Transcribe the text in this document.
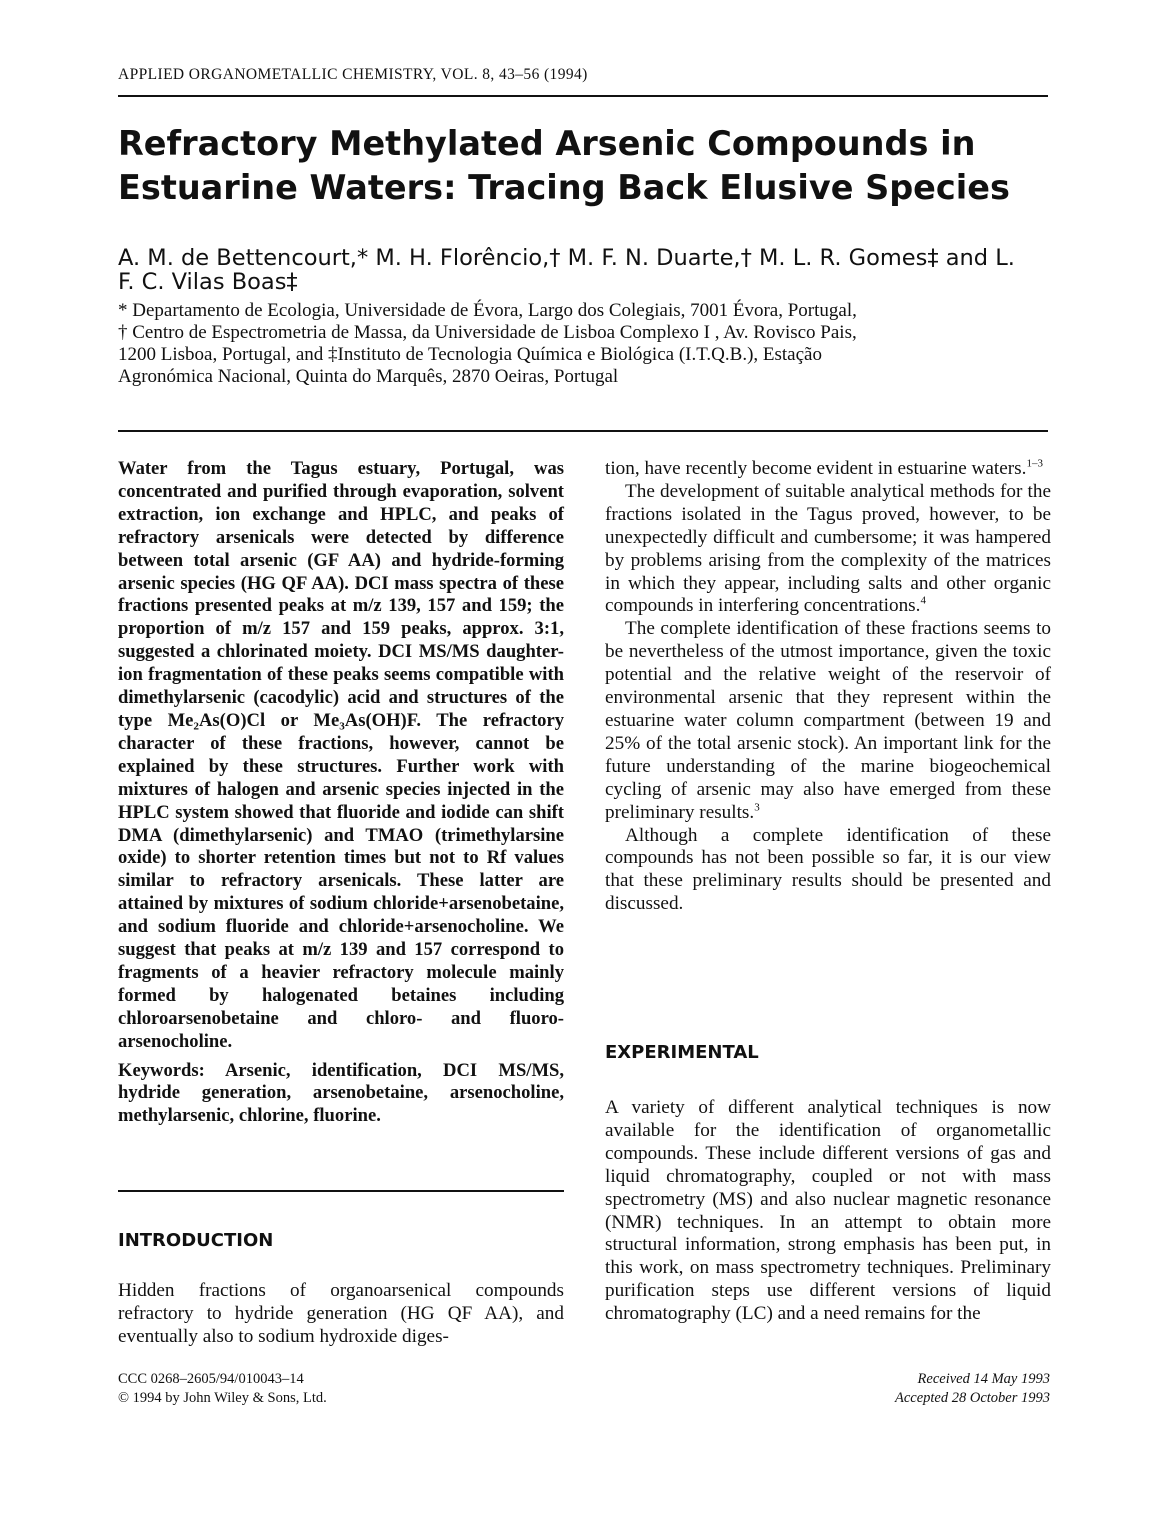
APPLIED ORGANOMETALLIC CHEMISTRY, VOL. 8, 43–56 (1994)
Refractory Methylated Arsenic Compounds in Estuarine Waters: Tracing Back Elusive Species
A. M. de Bettencourt,* M. H. Florêncio,† M. F. N. Duarte,† M. L. R. Gomes‡ and L. F. C. Vilas Boas‡
* Departamento de Ecologia, Universidade de Évora, Largo dos Colegiais, 7001 Évora, Portugal,
† Centro de Espectrometria de Massa, da Universidade de Lisboa Complexo I , Av. Rovisco Pais,
1200 Lisboa, Portugal, and ‡Instituto de Tecnologia Química e Biológica (I.T.Q.B.), Estação
Agronómica Nacional, Quinta do Marquês, 2870 Oeiras, Portugal

Water from the Tagus estuary, Portugal, was concentrated and purified through evaporation, solvent extraction, ion exchange and HPLC, and peaks of refractory arsenicals were detected by difference between total arsenic (GF AA) and hydride-forming arsenic species (HG QF AA). DCI mass spectra of these fractions presented peaks at m/z 139, 157 and 159; the proportion of m/z 157 and 159 peaks, approx. 3:1, suggested a chlorinated moiety. DCI MS/MS daughter-ion fragmentation of these peaks seems compatible with dimethylarsenic (cacodylic) acid and structures of the type Me₂As(O)Cl or Me₃As(OH)F. The refractory character of these fractions, however, cannot be explained by these structures. Further work with mixtures of halogen and arsenic species injected in the HPLC system showed that fluoride and iodide can shift DMA (dimethylarsenic) and TMAO (trimethylarsine oxide) to shorter retention times but not to Rf values similar to refractory arsenicals. These latter are attained by mixtures of sodium chloride+arsenobetaine, and sodium fluoride and chloride+arsenocholine. We suggest that peaks at m/z 139 and 157 correspond to fragments of a heavier refractory molecule mainly formed by halogenated betaines including chloroarsenobetaine and chloro- and fluoro-arsenocholine.

Keywords: Arsenic, identification, DCI MS/MS, hydride generation, arsenobetaine, arsenocholine, methylarsenic, chlorine, fluorine.

INTRODUCTION

Hidden fractions of organoarsenical compounds refractory to hydride generation (HG QF AA), and eventually also to sodium hydroxide diges-

tion, have recently become evident in estuarine waters.$^{1-3}$

The development of suitable analytical methods for the fractions isolated in the Tagus proved, however, to be unexpectedly difficult and cumbersome; it was hampered by problems arising from the complexity of the matrices in which they appear, including salts and other organic compounds in interfering concentrations.$^4$

The complete identification of these fractions seems to be nevertheless of the utmost importance, given the toxic potential and the relative weight of the reservoir of environmental arsenic that they represent within the estuarine water column compartment (between 19 and 25% of the total arsenic stock). An important link for the future understanding of the marine biogeochemical cycling of arsenic may also have emerged from these preliminary results.$^3$

Although a complete identification of these compounds has not been possible so far, it is our view that these preliminary results should be presented and discussed.

EXPERIMENTAL

A variety of different analytical techniques is now available for the identification of organometallic compounds. These include different versions of gas and liquid chromatography, coupled or not with mass spectrometry (MS) and also nuclear magnetic resonance (NMR) techniques. In an attempt to obtain more structural information, strong emphasis has been put, in this work, on mass spectrometry techniques. Preliminary purification steps use different versions of liquid chromatography (LC) and a need remains for the

CCC 0268–2605/94/010043–14
© 1994 by John Wiley & Sons, Ltd.
Received 14 May 1993
Accepted 28 October 1993
